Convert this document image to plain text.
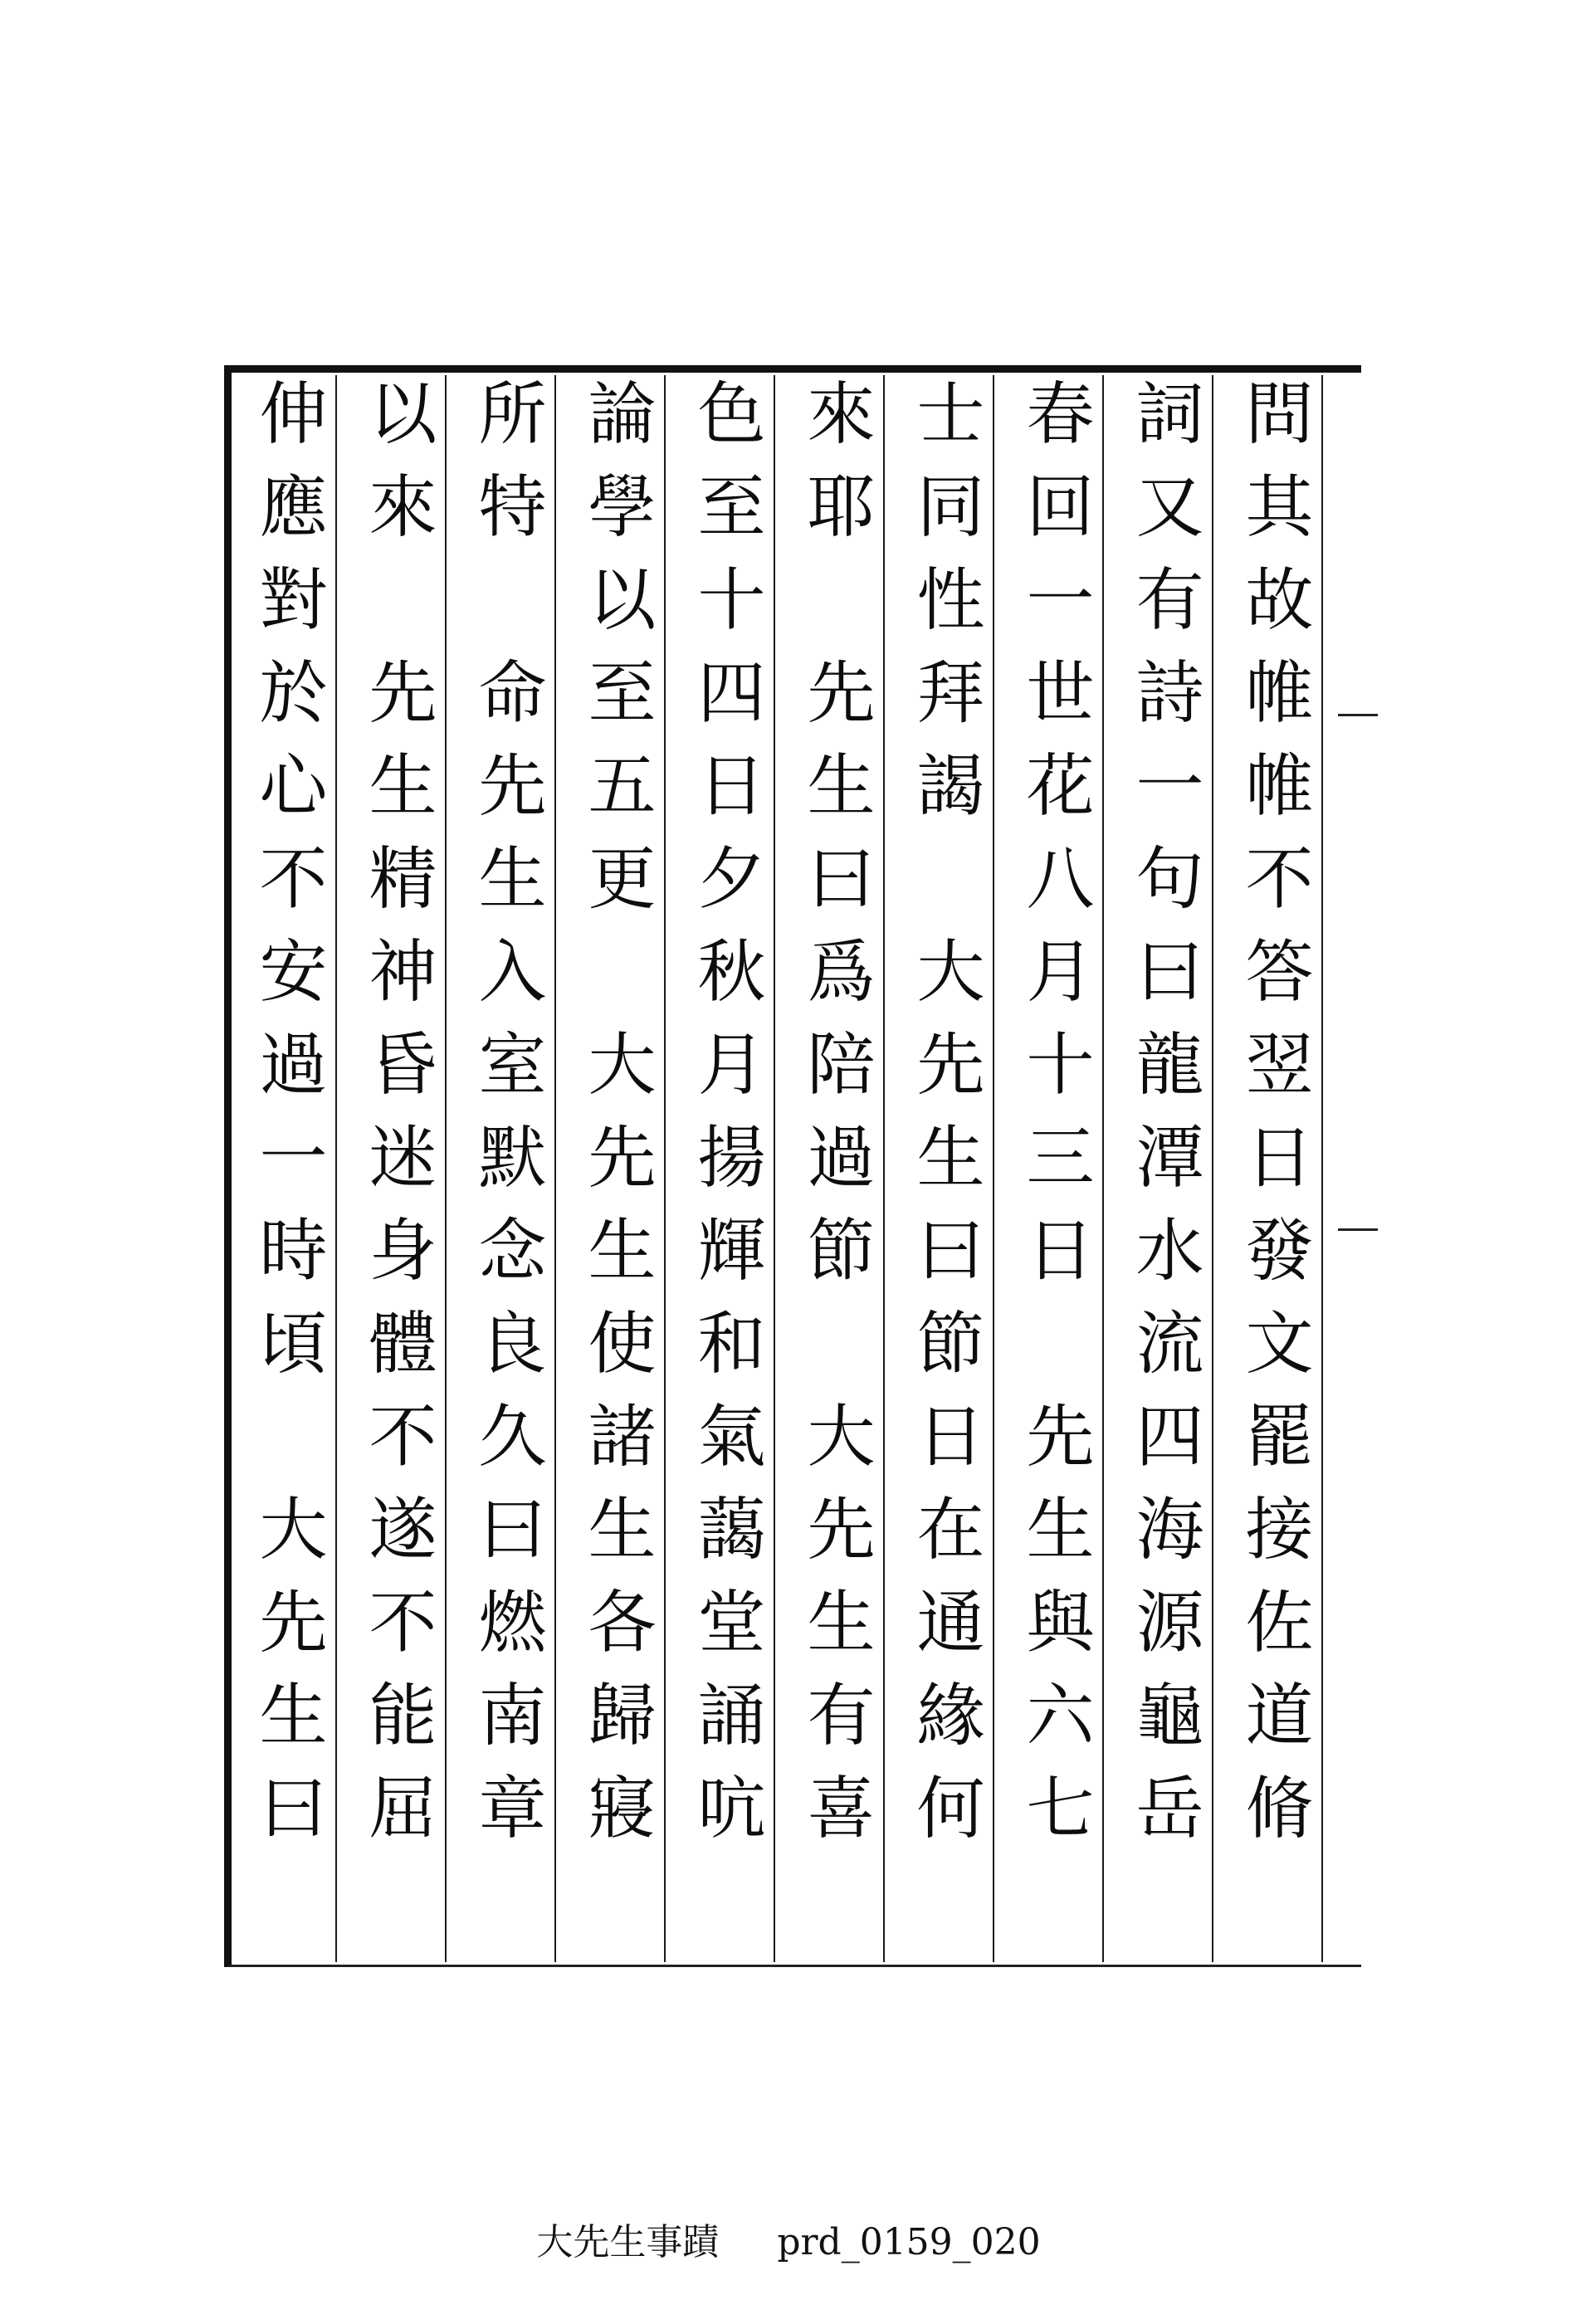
問其故帷帷不答翌日發文罷接佐道脩
詞又有詩一句曰龍潭水流四海源龜岳
春回一世花八月十三日　先生與六七
士同性拜謁　大先生曰節日在通緣何
來耶　先生曰爲陪過節　大先生有喜
色至十四日夕秋月揚輝和氣藹堂誦吭
論學以至五更　大先生使諸生各歸寢
所特　命先生入室默念良久曰燃南章
以來　先生精神昏迷身體不遂不能屈
伸應對於心不安過一時頃　大先生曰
大先生事蹟 prd_0159_020
